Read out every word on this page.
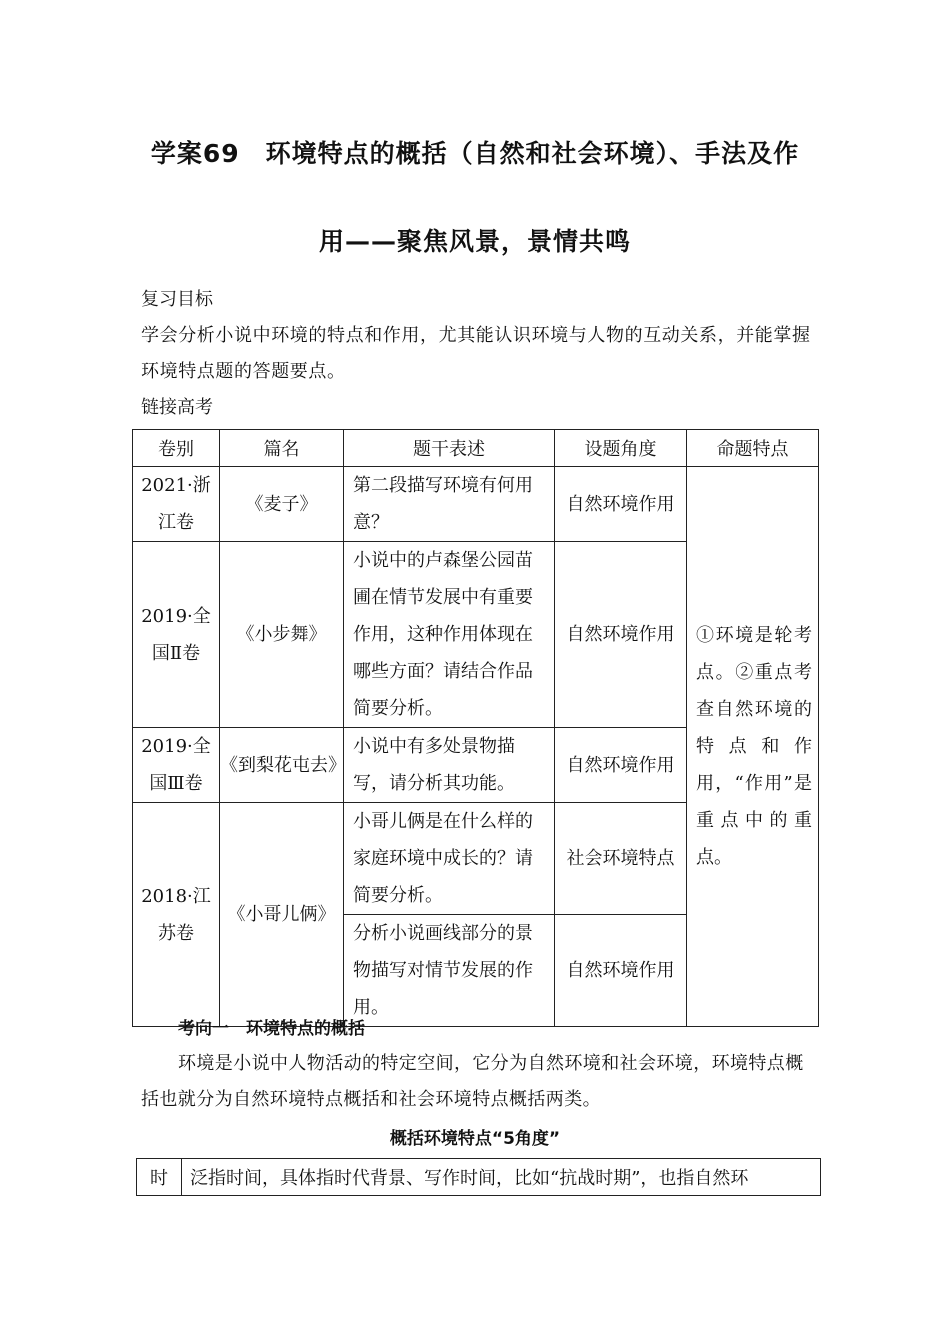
学案69　环境特点的概括（自然和社会环境）、手法及作
用——聚焦风景，景情共鸣
复习目标
学会分析小说中环境的特点和作用，尤其能认识环境与人物的互动关系，并能掌握环境特点题的答题要点。
链接高考
卷别	篇名	题干表述	设题角度	命题特点
2021·浙江卷	《麦子》	第二段描写环境有何用意？	自然环境作用	①环境是轮考点。②重点考查自然环境的特点和作用，“作用”是重点中的重点。
2019·全国Ⅱ卷	《小步舞》	小说中的卢森堡公园苗圃在情节发展中有重要作用，这种作用体现在哪些方面？请结合作品简要分析。	自然环境作用	
2019·全国Ⅲ卷	《到梨花屯去》	小说中有多处景物描写，请分析其功能。	自然环境作用	
2018·江苏卷	《小哥儿俩》	小哥儿俩是在什么样的家庭环境中成长的？请简要分析。	社会环境特点	
		分析小说画线部分的景物描写对情节发展的作用。	自然环境作用	
考向一　环境特点的概括
环境是小说中人物活动的特定空间，它分为自然环境和社会环境，环境特点概括也就分为自然环境特点概括和社会环境特点概括两类。
概括环境特点“5角度”
时	泛指时间，具体指时代背景、写作时间，比如“抗战时期”，也指自然环
